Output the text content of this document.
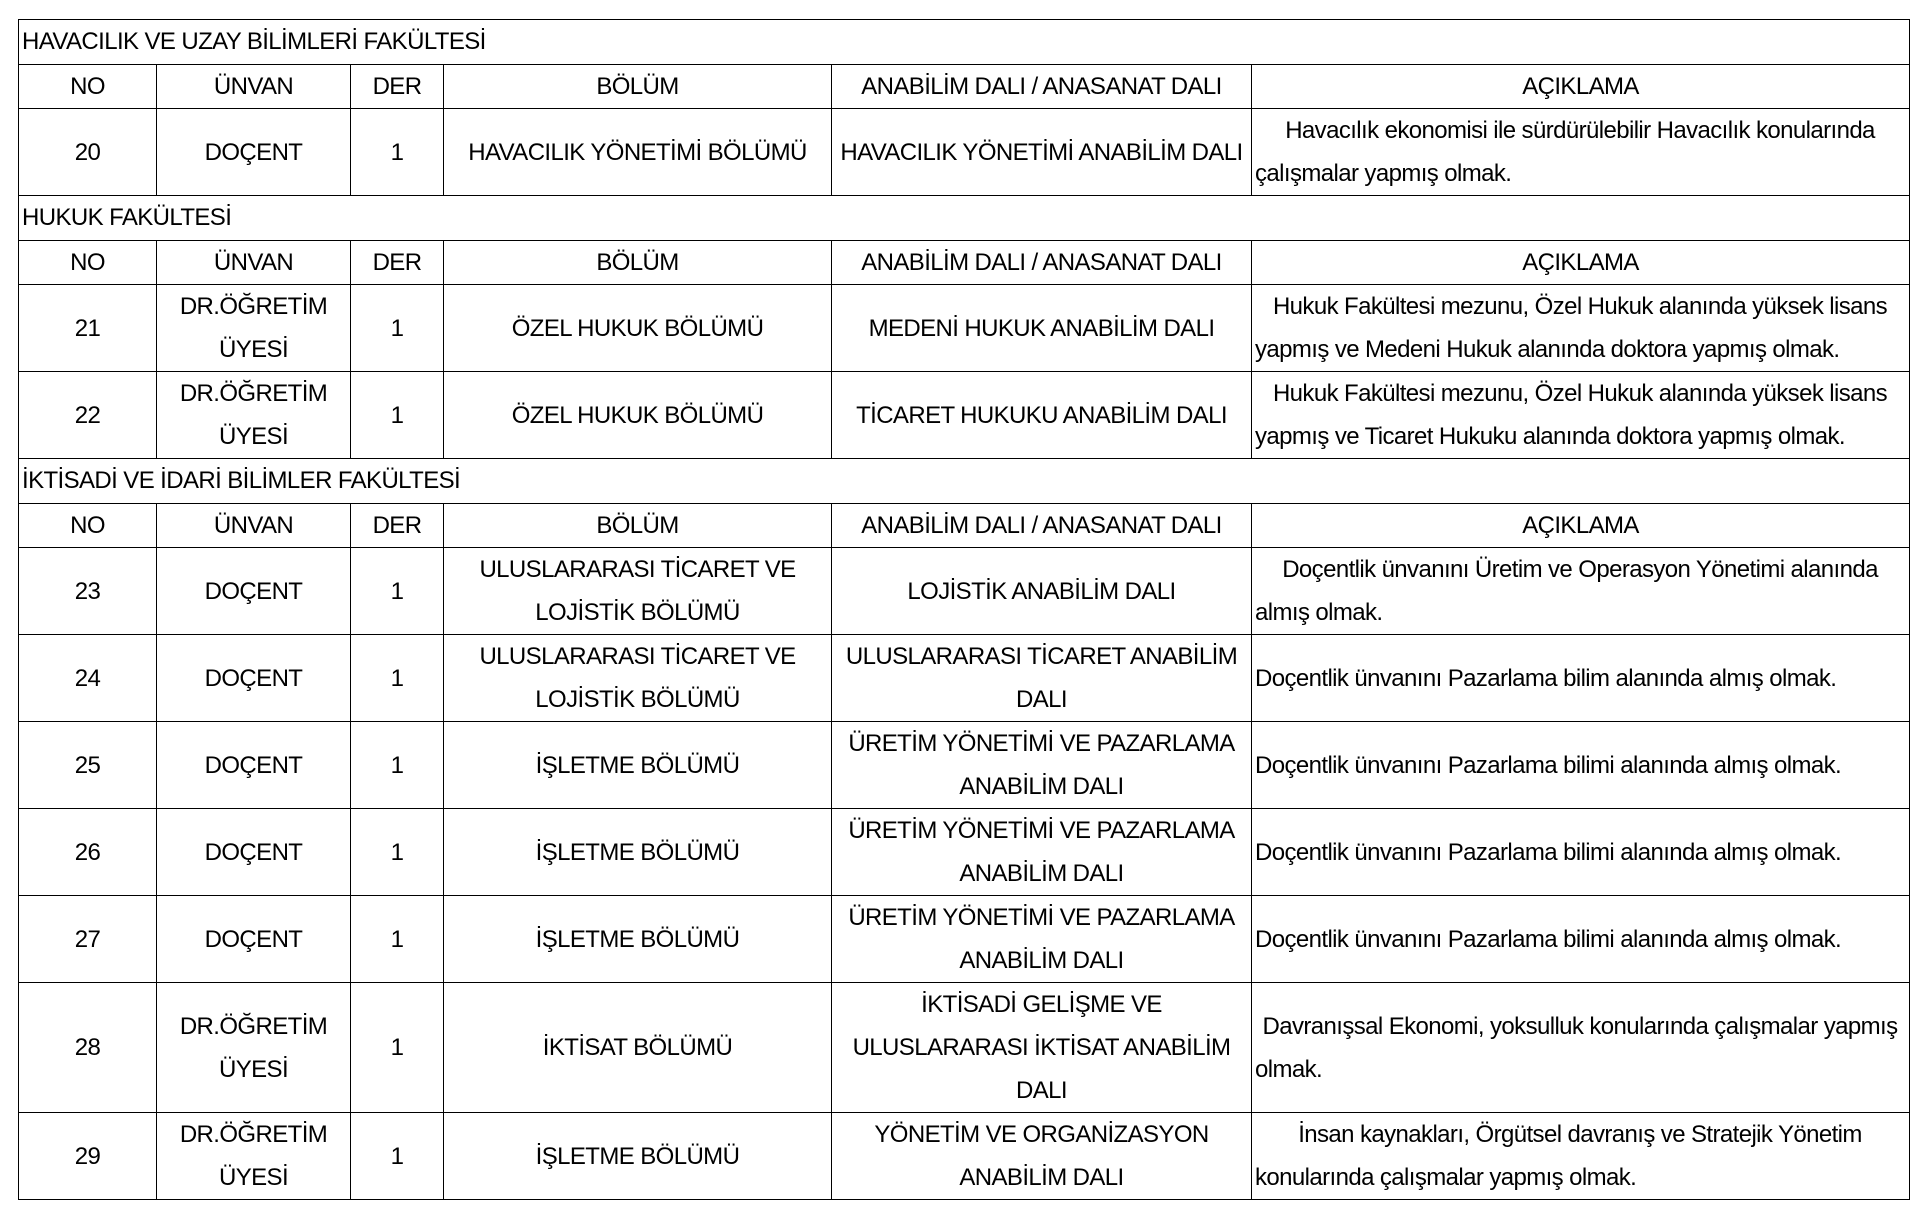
HAVACILIK VE UZAY BİLİMLERİ FAKÜLTESİ					
NO	ÜNVAN	DER	BÖLÜM	ANABİLİM DALI / ANASANAT DALI	AÇIKLAMA
20	DOÇENT	1	HAVACILIK YÖNETİMİ BÖLÜMÜ	HAVACILIK YÖNETİMİ ANABİLİM DALI	Havacılık ekonomisi ile sürdürülebilir Havacılık konularında çalışmalar yapmış olmak.
HUKUK FAKÜLTESİ					
NO	ÜNVAN	DER	BÖLÜM	ANABİLİM DALI / ANASANAT DALI	AÇIKLAMA
21	DR.ÖĞRETİM ÜYESİ	1	ÖZEL HUKUK BÖLÜMÜ	MEDENİ HUKUK ANABİLİM DALI	Hukuk Fakültesi mezunu, Özel Hukuk alanında yüksek lisans yapmış ve Medeni Hukuk alanında doktora yapmış olmak.
22	DR.ÖĞRETİM ÜYESİ	1	ÖZEL HUKUK BÖLÜMÜ	TİCARET HUKUKU ANABİLİM DALI	Hukuk Fakültesi mezunu, Özel Hukuk alanında yüksek lisans yapmış ve Ticaret Hukuku alanında doktora yapmış olmak.
İKTİSADİ VE İDARİ BİLİMLER FAKÜLTESİ					
NO	ÜNVAN	DER	BÖLÜM	ANABİLİM DALI / ANASANAT DALI	AÇIKLAMA
23	DOÇENT	1	ULUSLARARASI TİCARET VE LOJİSTİK BÖLÜMÜ	LOJİSTİK ANABİLİM DALI	Doçentlik ünvanını Üretim ve Operasyon Yönetimi alanında almış olmak.
24	DOÇENT	1	ULUSLARARASI TİCARET VE LOJİSTİK BÖLÜMÜ	ULUSLARARASI TİCARET ANABİLİM DALI	Doçentlik ünvanını Pazarlama bilim alanında almış olmak.
25	DOÇENT	1	İŞLETME BÖLÜMÜ	ÜRETİM YÖNETİMİ VE PAZARLAMA ANABİLİM DALI	Doçentlik ünvanını Pazarlama bilimi alanında almış olmak.
26	DOÇENT	1	İŞLETME BÖLÜMÜ	ÜRETİM YÖNETİMİ VE PAZARLAMA ANABİLİM DALI	Doçentlik ünvanını Pazarlama bilimi alanında almış olmak.
27	DOÇENT	1	İŞLETME BÖLÜMÜ	ÜRETİM YÖNETİMİ VE PAZARLAMA ANABİLİM DALI	Doçentlik ünvanını Pazarlama bilimi alanında almış olmak.
28	DR.ÖĞRETİM ÜYESİ	1	İKTİSAT BÖLÜMÜ	İKTİSADİ GELİŞME VE ULUSLARARASI İKTİSAT ANABİLİM DALI	Davranışsal Ekonomi, yoksulluk konularında çalışmalar yapmış olmak.
29	DR.ÖĞRETİM ÜYESİ	1	İŞLETME BÖLÜMÜ	YÖNETİM VE ORGANİZASYON ANABİLİM DALI	İnsan kaynakları, Örgütsel davranış ve Stratejik Yönetim konularında çalışmalar yapmış olmak.
